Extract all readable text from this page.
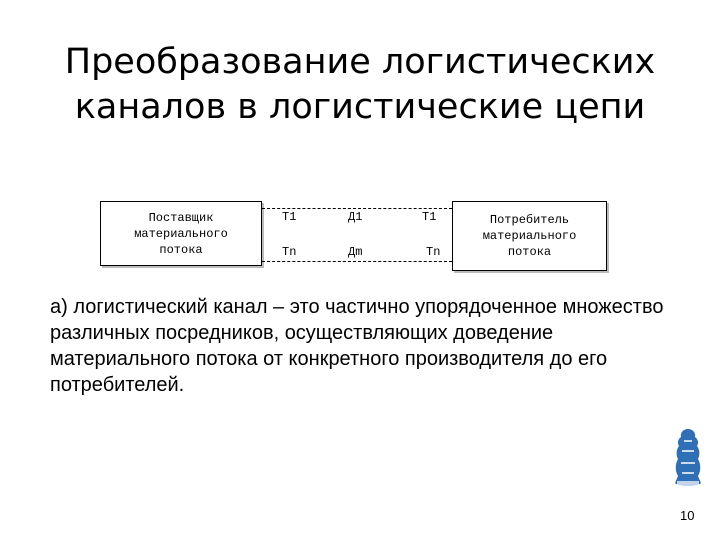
Преобразование логистических
каналов в логистические цепи
Поставщик
материального
потока
Т1	Д1	Т1
Тn	Дm	Тn
Потребитель
материального
потока
а) логистический канал – это частично упорядоченное множество различных посредников, осуществляющих доведение материального потока от конкретного производителя до его потребителей.
10
